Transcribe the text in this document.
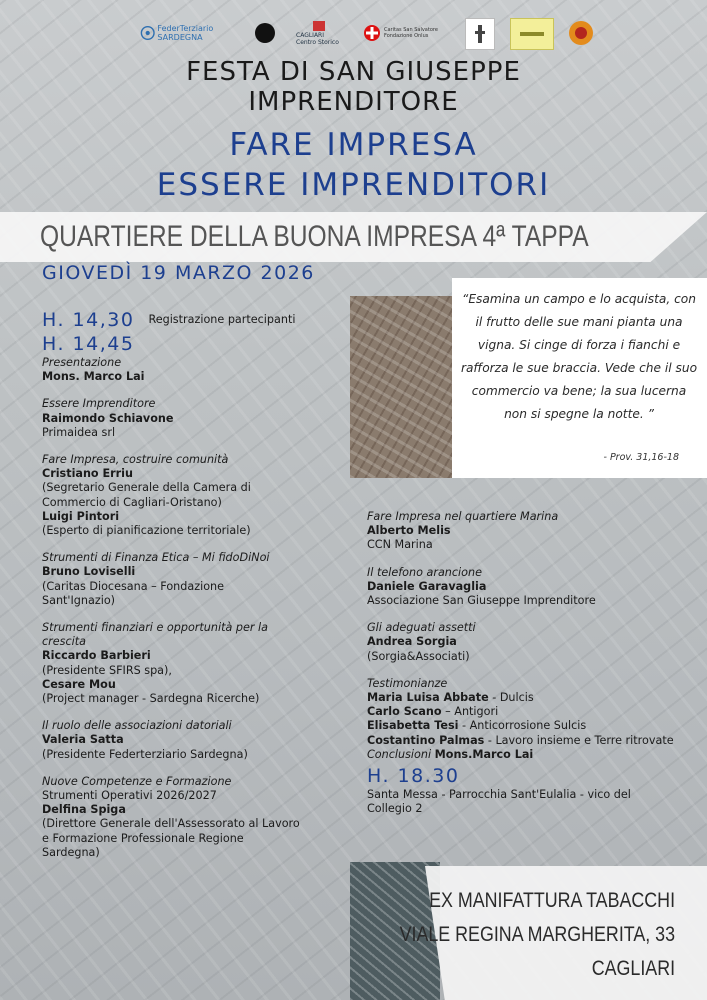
FederTerziario SARDEGNA	CAGLIARI Centro Storico
Caritas San Salvatore Fondazione Onlus
FESTA DI SAN GIUSEPPE
IMPRENDITORE
FARE IMPRESA
ESSERE IMPRENDITORI
QUARTIERE DELLA BUONA IMPRESA 4ª TAPPA
GIOVEDÌ 19 MARZO 2026
“Esamina un campo e lo acquista, con il frutto delle sue mani pianta una vigna. Si cinge di forza i fianchi e rafforza le sue braccia. Vede che il suo commercio va bene; la sua lucerna non si spegne la notte. ”
- Prov. 31,16-18
H. 14,30 Registrazione partecipanti
H. 14,45
Presentazione
Mons. Marco Lai
Essere Imprenditore
Raimondo Schiavone
Primaidea srl
Fare Impresa, costruire comunità
Cristiano Erriu
(Segretario Generale della Camera di
Commercio di Cagliari-Oristano)
Luigi Pintori
(Esperto di pianificazione territoriale)
Strumenti di Finanza Etica – Mi fidoDiNoi
Bruno Loviselli
(Caritas Diocesana – Fondazione
Sant'Ignazio)
Strumenti finanziari e opportunità per la
crescita
Riccardo Barbieri
(Presidente SFIRS spa),
Cesare Mou
(Project manager - Sardegna Ricerche)
Il ruolo delle associazioni datoriali
Valeria Satta
(Presidente Federterziario Sardegna)
Nuove Competenze e Formazione
Strumenti Operativi 2026/2027
Delfina Spiga
(Direttore Generale dell'Assessorato al Lavoro
e Formazione Professionale Regione
Sardegna)
Fare Impresa nel quartiere Marina
Alberto Melis
CCN Marina
Il telefono arancione
Daniele Garavaglia
Associazione San Giuseppe Imprenditore
Gli adeguati assetti
Andrea Sorgia
(Sorgia&Associati)
Testimonianze
Maria Luisa Abbate - Dulcis
Carlo Scano – Antigori
Elisabetta Tesi - Anticorrosione Sulcis
Costantino Palmas - Lavoro insieme e Terre ritrovate
Conclusioni Mons.Marco Lai
H. 18.30
Santa Messa - Parrocchia Sant'Eulalia - vico del
Collegio 2
EX MANIFATTURA TABACCHI
VIALE REGINA MARGHERITA, 33
CAGLIARI
